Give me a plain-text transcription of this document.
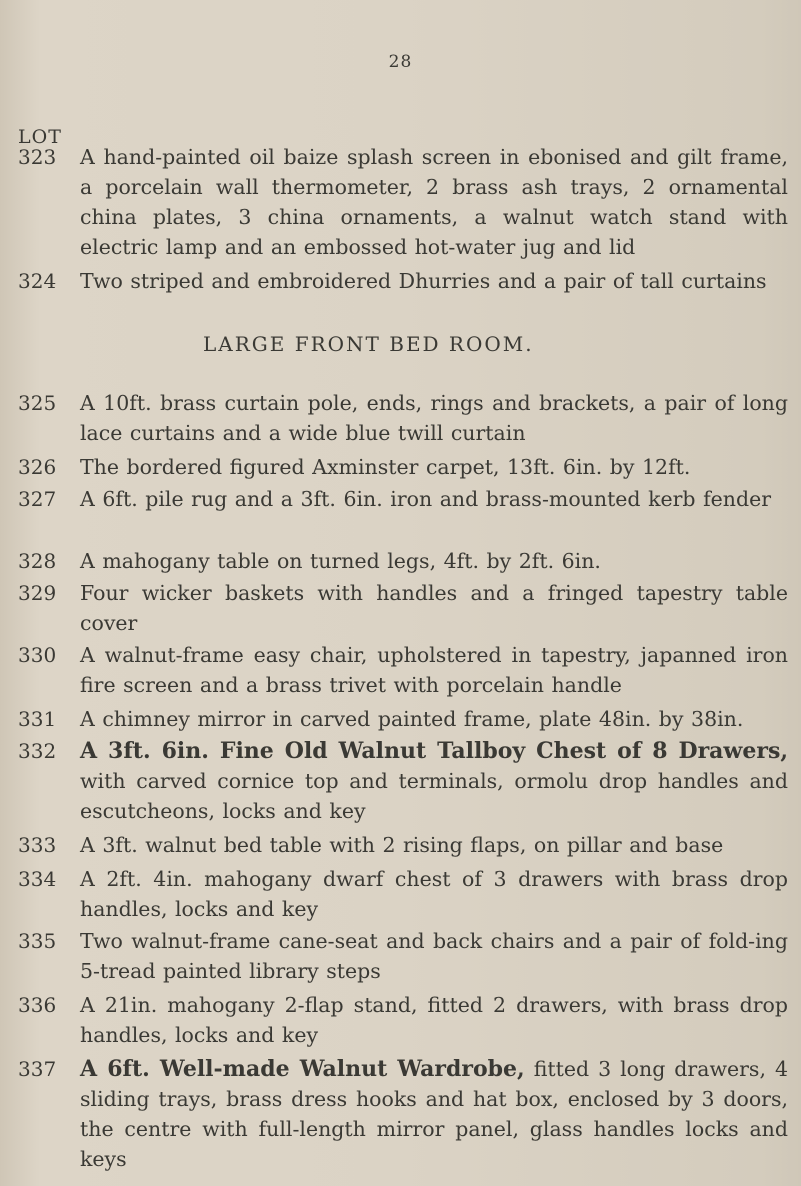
28
LOT
323	A hand-painted oil baize splash screen in ebonised and gilt frame, a porcelain wall thermometer, 2 brass ash trays, 2 ornamental china plates, 3 china ornaments, a walnut watch stand with electric lamp and an embossed hot-water jug and lid
324	Two striped and embroidered Dhurries and a pair of tall curtains
LARGE FRONT BED ROOM.
325	A 10ft. brass curtain pole, ends, rings and brackets, a pair of long lace curtains and a wide blue twill curtain
326	The bordered figured Axminster carpet, 13ft. 6in. by 12ft.
327	A 6ft. pile rug and a 3ft. 6in. iron and brass-mounted kerb fender
328	A mahogany table on turned legs, 4ft. by 2ft. 6in.
329	Four wicker baskets with handles and a fringed tapestry table cover
330	A walnut-frame easy chair, upholstered in tapestry, japanned iron fire screen and a brass trivet with porcelain handle
331	A chimney mirror in carved painted frame, plate 48in. by 38in.
332	A 3ft. 6in. Fine Old Walnut Tallboy Chest of 8 Drawers, with carved cornice top and terminals, ormolu drop handles and escutcheons, locks and key
333	A 3ft. walnut bed table with 2 rising flaps, on pillar and base
334	A 2ft. 4in. mahogany dwarf chest of 3 drawers with brass drop handles, locks and key
335	Two walnut-frame cane-seat and back chairs and a pair of fold-ing 5-tread painted library steps
336	A 21in. mahogany 2-flap stand, fitted 2 drawers, with brass drop handles, locks and key
337	A 6ft. Well-made Walnut Wardrobe, fitted 3 long drawers, 4 sliding trays, brass dress hooks and hat box, enclosed by 3 doors, the centre with full-length mirror panel, glass handles locks and keys
